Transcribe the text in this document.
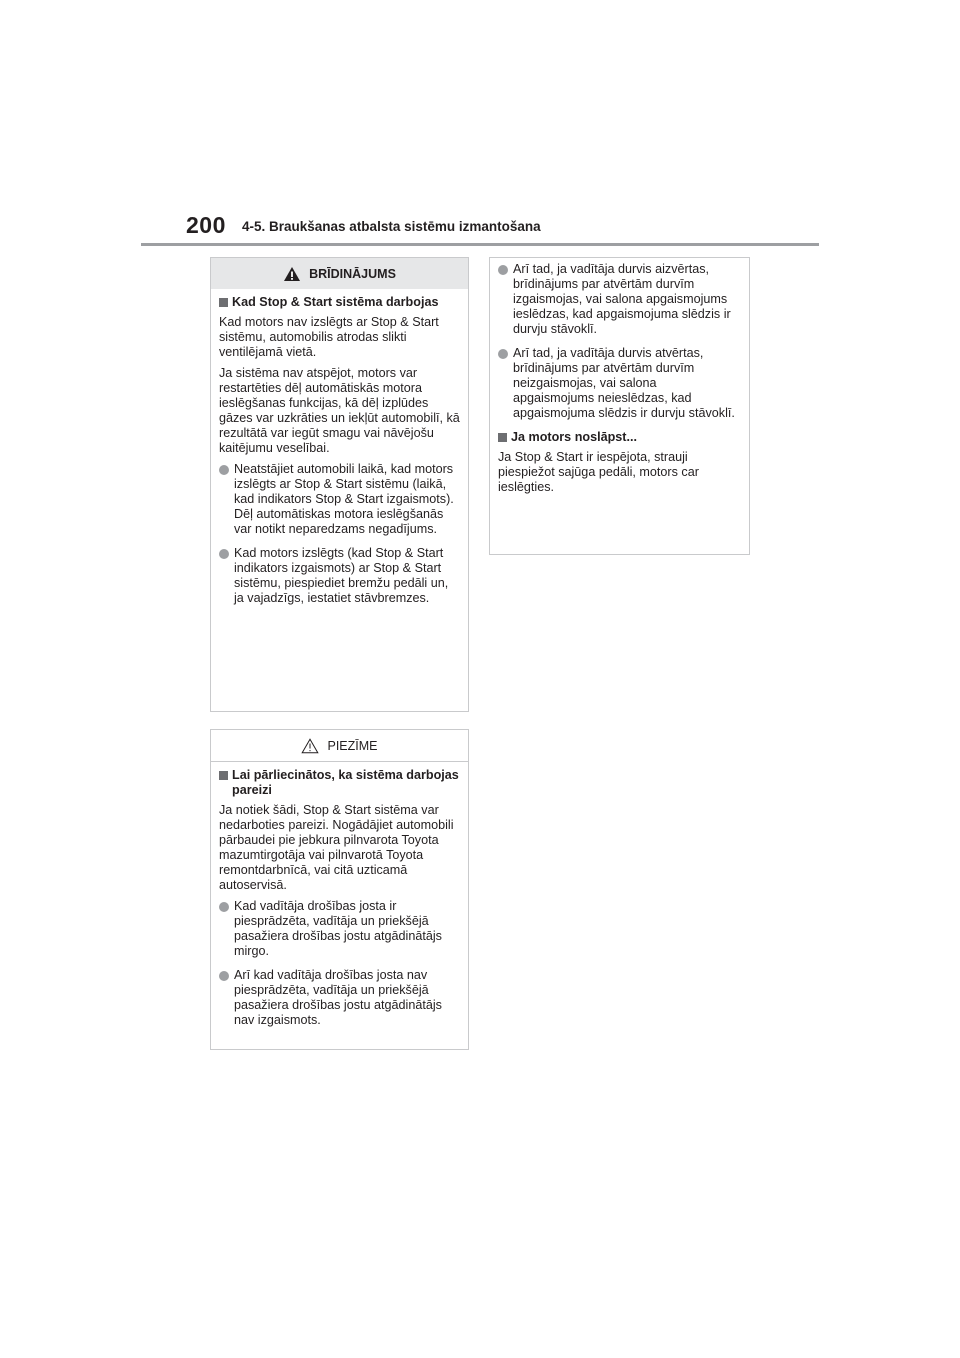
200 4-5. Braukšanas atbalsta sistēmu izmantošana
BRĪDINĀJUMS
Kad Stop & Start sistēma darbojas

Kad motors nav izslēgts ar Stop & Start sistēmu, automobilis atrodas slikti ventilējamā vietā.

Ja sistēma nav atspējot, motors var restartēties dēļ automātiskās motora ieslēgšanas funkcijas, kā dēļ izplūdes gāzes var uzkrāties un iekļūt automobilī, kā rezultātā var iegūt smagu vai nāvējošu kaitējumu veselībai.

Neatstājiet automobili laikā, kad motors izslēgts ar Stop & Start sistēmu (laikā, kad indikators Stop & Start izgaismots). Dēļ automātiskas motora ieslēgšanās var notikt neparedzams negadījums.
Kad motors izslēgts (kad Stop & Start indikators izgaismots) ar Stop & Start sistēmu, piespiediet bremžu pedāli un, ja vajadzīgs, iestatiet stāvbremzes.
PIEZĪME
Lai pārliecinātos, ka sistēma darbojas pareizi

Ja notiek šādi, Stop & Start sistēma var nedarboties pareizi. Nogādājiet automobili pārbaudei pie jebkura pilnvarota Toyota mazumtirgotāja vai pilnvarotā Toyota remontdarbnīcā, vai citā uzticamā autoservisā.

Kad vadītāja drošības josta ir piesprādzēta, vadītāja un priekšējā pasažiera drošības jostu atgādinātājs mirgo.
Arī kad vadītāja drošības josta nav piesprādzēta, vadītāja un priekšējā pasažiera drošības jostu atgādinātājs nav izgaismots.
Arī tad, ja vadītāja durvis aizvērtas, brīdinājums par atvērtām durvīm izgaismojas, vai salona apgaismojums ieslēdzas, kad apgaismojuma slēdzis ir durvju stāvoklī.
Arī tad, ja vadītāja durvis atvērtas, brīdinājums par atvērtām durvīm neizgaismojas, vai salona apgaismojums neieslēdzas, kad apgaismojuma slēdzis ir durvju stāvoklī.
Ja motors noslāpst...

Ja Stop & Start ir iespējota, strauji piespiežot sajūga pedāli, motors car ieslēgties.
